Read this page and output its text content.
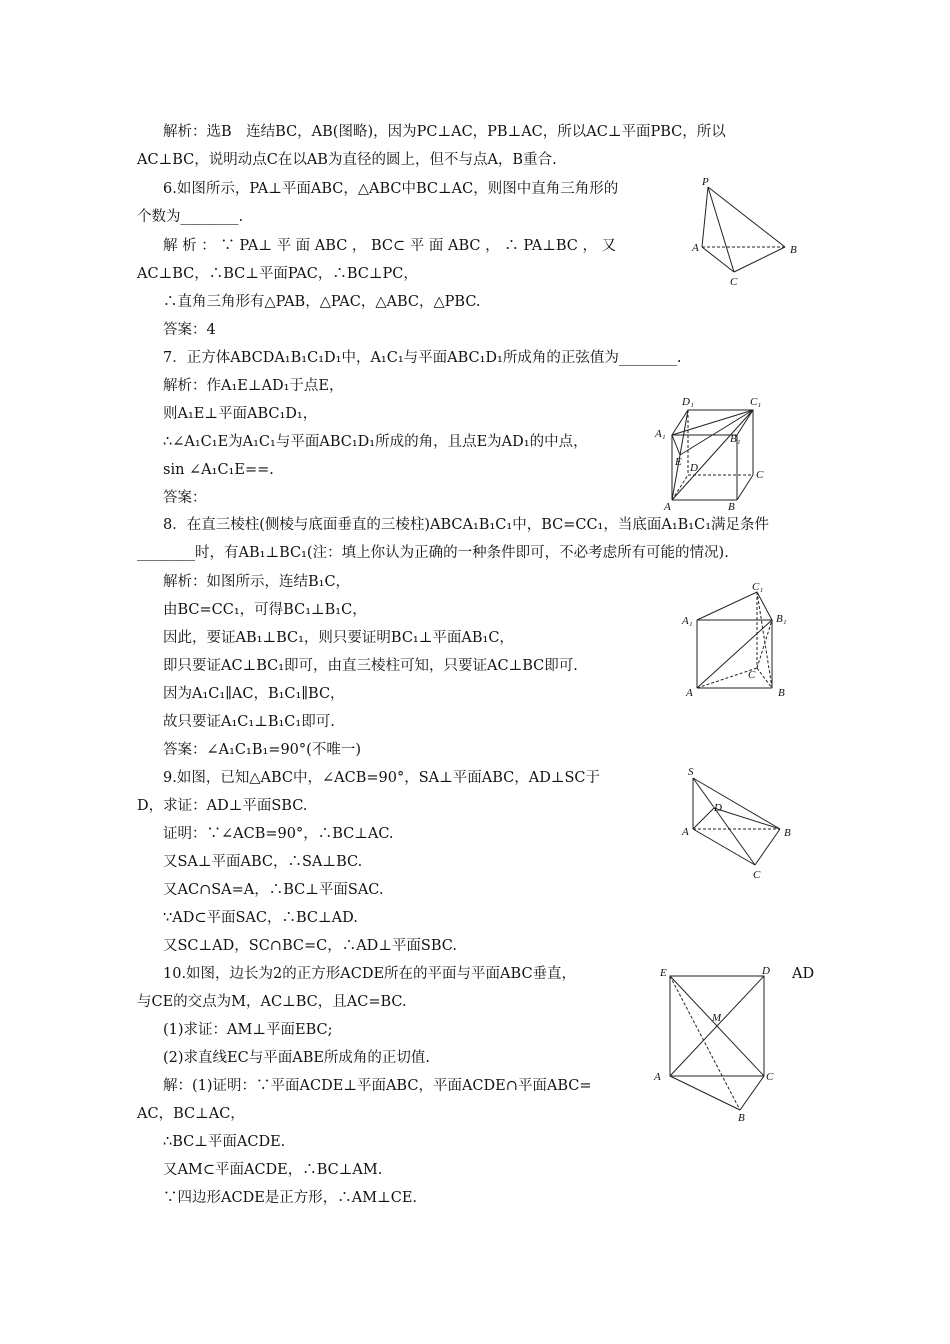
解析：选B　连结BC，AB(图略)，因为PC⊥AC，PB⊥AC，所以AC⊥平面PBC，所以
AC⊥BC，说明动点C在以AB为直径的圆上，但不与点A，B重合.
6.如图所示，PA⊥平面ABC，△ABC中BC⊥AC，则图中直角三角形的
个数为________.
解 析 ： ∵ PA⊥ 平 面 ABC ， BC⊂ 平 面 ABC ， ∴ PA⊥BC ， 又
AC⊥BC，∴BC⊥平面PAC，∴BC⊥PC，
∴直角三角形有△PAB，△PAC，△ABC，△PBC.
答案：4
7．正方体ABCDA₁B₁C₁D₁中，A₁C₁与平面ABC₁D₁所成角的正弦值为________.
解析：作A₁E⊥AD₁于点E，
则A₁E⊥平面ABC₁D₁，
∴∠A₁C₁E为A₁C₁与平面ABC₁D₁所成的角，且点E为AD₁的中点，
sin ∠A₁C₁E==.
答案：
8．在直三棱柱(侧棱与底面垂直的三棱柱)ABCA₁B₁C₁中，BC=CC₁，当底面A₁B₁C₁满足条件
________时，有AB₁⊥BC₁(注：填上你认为正确的一种条件即可，不必考虑所有可能的情况).
解析：如图所示，连结B₁C，
由BC=CC₁，可得BC₁⊥B₁C，
因此，要证AB₁⊥BC₁，则只要证明BC₁⊥平面AB₁C，
即只要证AC⊥BC₁即可，由直三棱柱可知，只要证AC⊥BC即可.
因为A₁C₁∥AC，B₁C₁∥BC，
故只要证A₁C₁⊥B₁C₁即可.
答案：∠A₁C₁B₁=90°(不唯一)
9.如图，已知△ABC中，∠ACB=90°，SA⊥平面ABC，AD⊥SC于
D，求证：AD⊥平面SBC.
证明：∵∠ACB=90°，∴BC⊥AC.
又SA⊥平面ABC，∴SA⊥BC.
又AC∩SA=A，∴BC⊥平面SAC.
∵AD⊂平面SAC，∴BC⊥AD.
又SC⊥AD，SC∩BC=C，∴AD⊥平面SBC.
10.如图，边长为2的正方形ACDE所在的平面与平面ABC垂直，	AD
与CE的交点为M，AC⊥BC，且AC=BC.
(1)求证：AM⊥平面EBC;
(2)求直线EC与平面ABE所成角的正切值.
解：(1)证明：∵平面ACDE⊥平面ABC，平面ACDE∩平面ABC=
AC，BC⊥AC，
∴BC⊥平面ACDE.
又AM⊂平面ACDE，∴BC⊥AM.
∵四边形ACDE是正方形，∴AM⊥CE.
P
A	B
C
D₁	C₁
A₁	B₁
E D
C
A	B
C₁
A₁	B₁
C
A	B
S
D
A	B
C
E	D
M
A	C
B
